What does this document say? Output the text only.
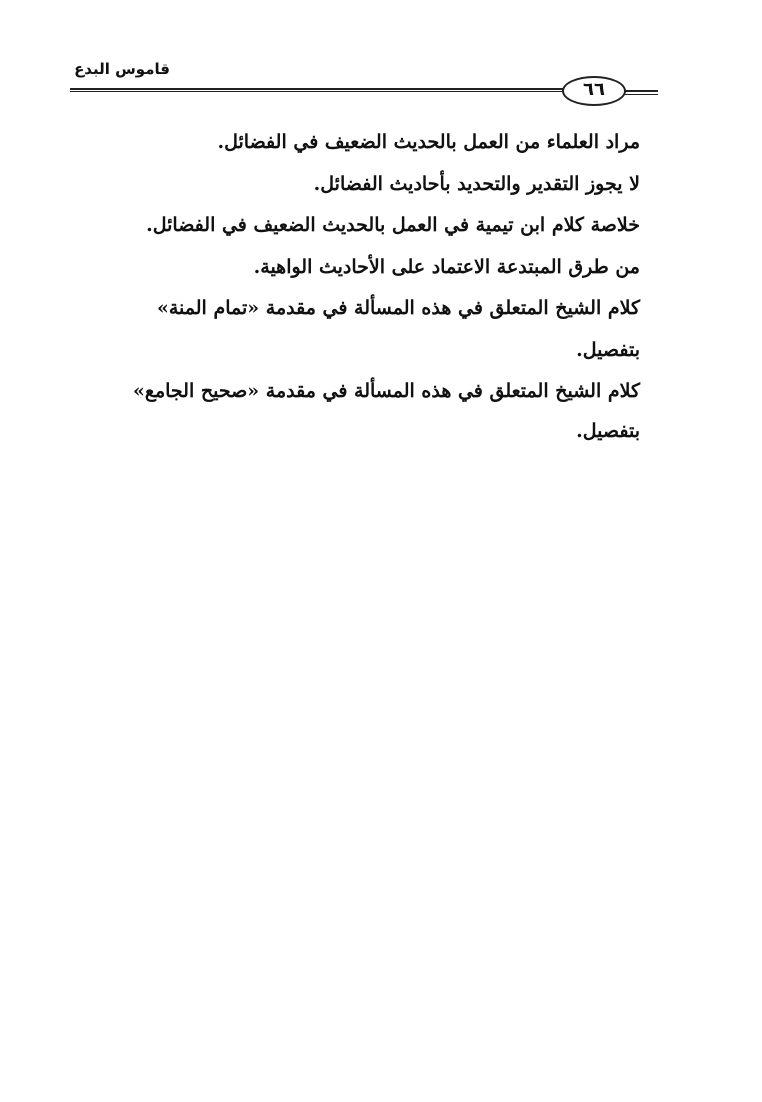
قاموس البدع
٦٦

مراد العلماء من العمل بالحديث الضعيف في الفضائل.

لا يجوز التقدير والتحديد بأحاديث الفضائل.

خلاصة كلام ابن تيمية في العمل بالحديث الضعيف في الفضائل.

من طرق المبتدعة الاعتماد على الأحاديث الواهية.

كلام الشيخ المتعلق في هذه المسألة في مقدمة «تمام المنة» بتفصيل.

كلام الشيخ المتعلق في هذه المسألة في مقدمة «صحيح الجامع» بتفصيل.
